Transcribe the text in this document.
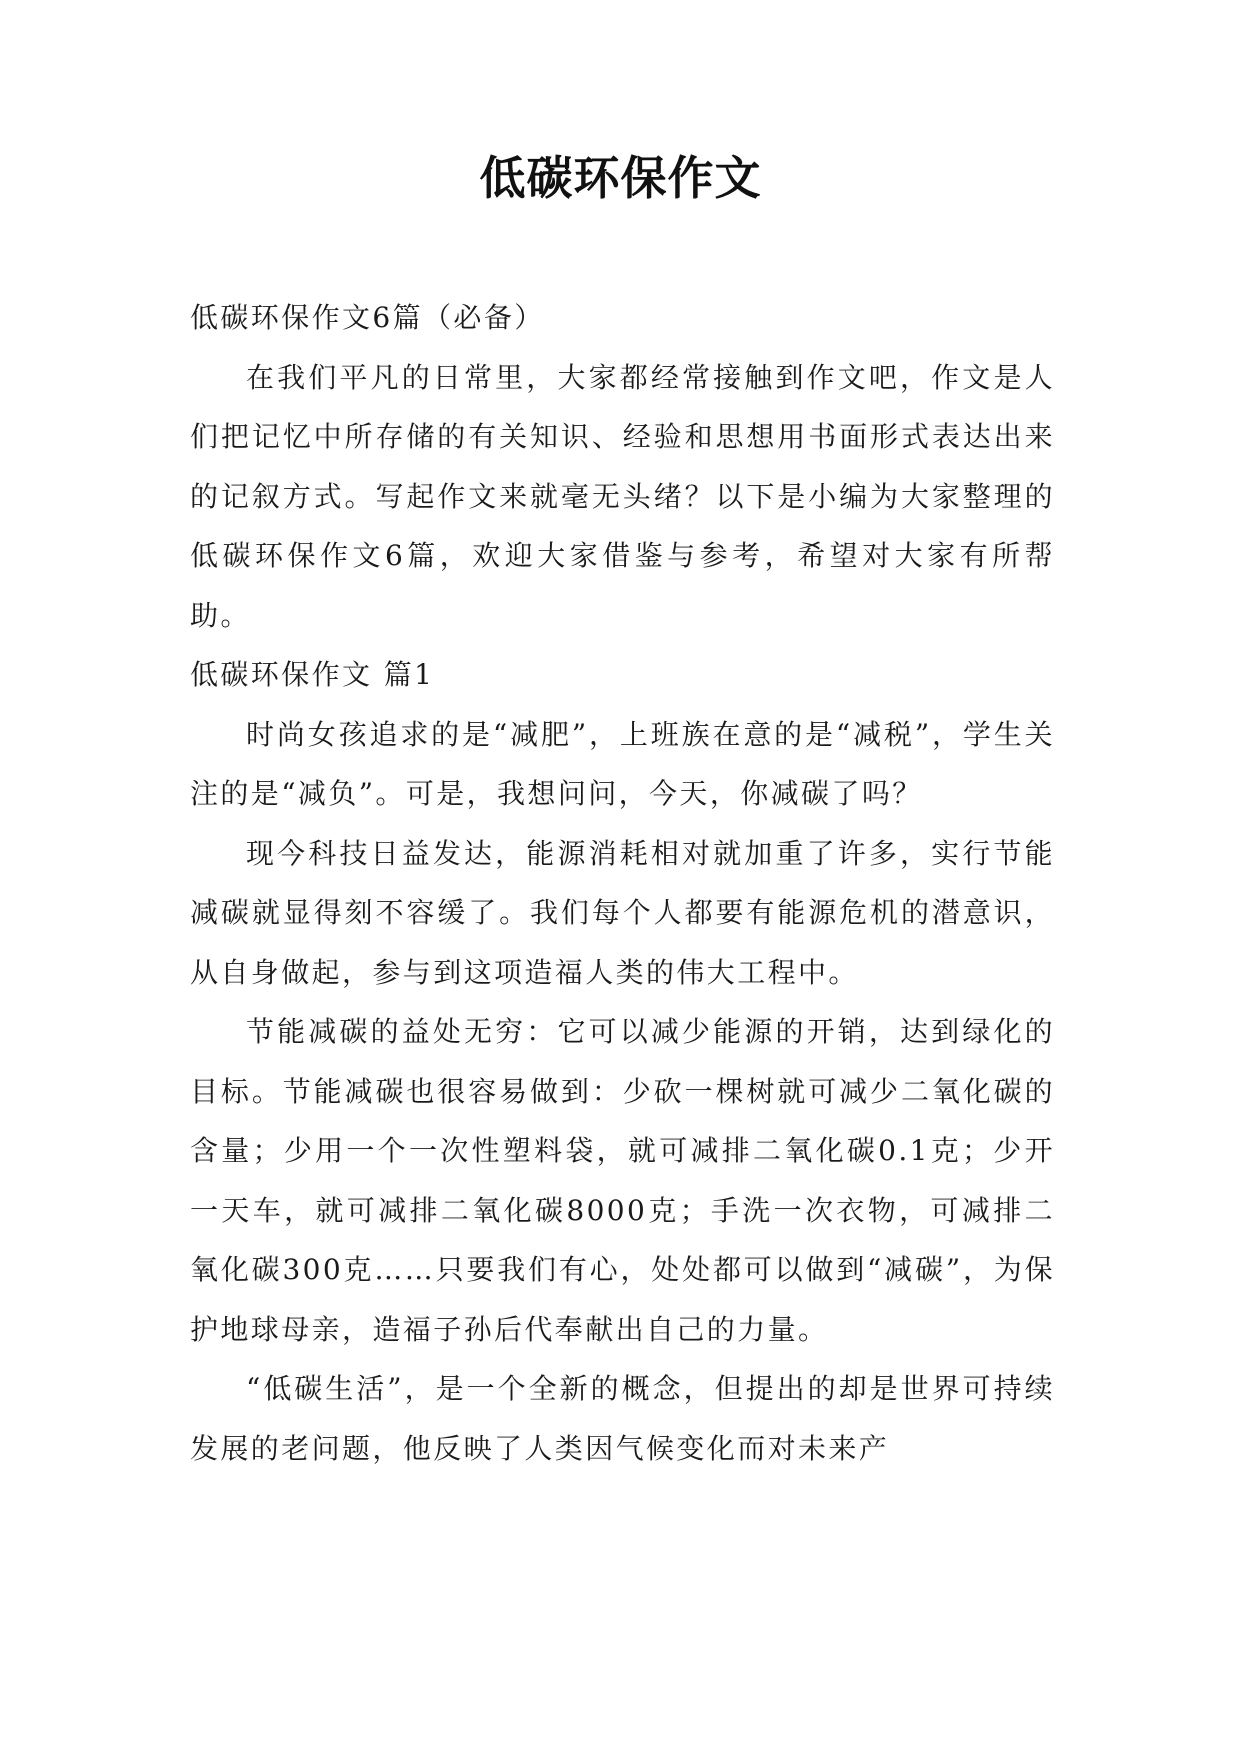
低碳环保作文

低碳环保作文6篇（必备）

在我们平凡的日常里，大家都经常接触到作文吧，作文是人们把记忆中所存储的有关知识、经验和思想用书面形式表达出来的记叙方式。写起作文来就毫无头绪？以下是小编为大家整理的低碳环保作文6篇，欢迎大家借鉴与参考，希望对大家有所帮助。

低碳环保作文 篇1

时尚女孩追求的是“减肥”，上班族在意的是“减税”，学生关注的是“减负”。可是，我想问问，今天，你减碳了吗？

现今科技日益发达，能源消耗相对就加重了许多，实行节能减碳就显得刻不容缓了。我们每个人都要有能源危机的潜意识，从自身做起，参与到这项造福人类的伟大工程中。

节能减碳的益处无穷：它可以减少能源的开销，达到绿化的目标。节能减碳也很容易做到：少砍一棵树就可减少二氧化碳的含量；少用一个一次性塑料袋，就可减排二氧化碳0.1克；少开一天车，就可减排二氧化碳8000克；手洗一次衣物，可减排二氧化碳300克……只要我们有心，处处都可以做到“减碳”，为保护地球母亲，造福子孙后代奉献出自己的力量。

“低碳生活”，是一个全新的概念，但提出的却是世界可持续发展的老问题，他反映了人类因气候变化而对未来产
